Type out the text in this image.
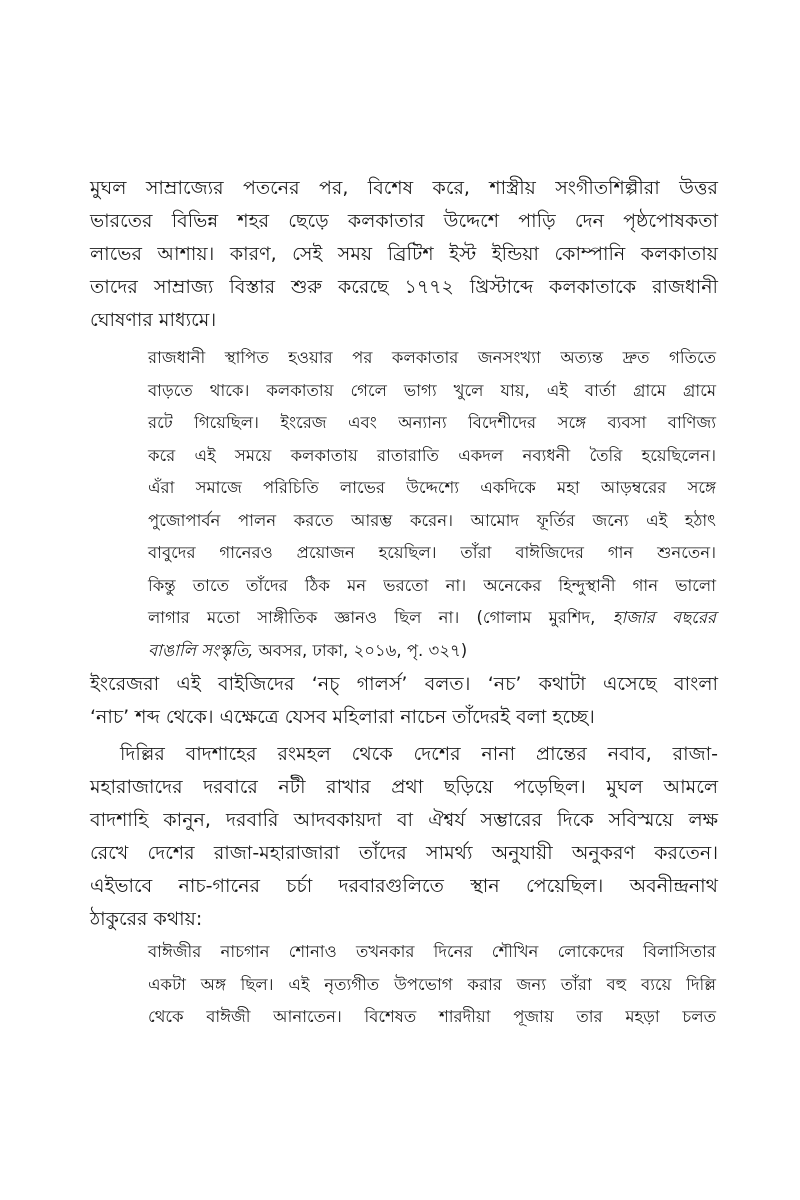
মুঘল সাম্রাজ্যের পতনের পর, বিশেষ করে, শাস্ত্রীয় সংগীতশিল্পীরা উত্তর
ভারতের বিভিন্ন শহর ছেড়ে কলকাতার উদ্দেশে পাড়ি দেন পৃষ্ঠপোষকতা
লাভের আশায়। কারণ, সেই সময় ব্রিটিশ ইস্ট ইন্ডিয়া কোম্পানি কলকাতায়
তাদের সাম্রাজ্য বিস্তার শুরু করেছে ১৭৭২ খ্রিস্টাব্দে কলকাতাকে রাজধানী
ঘোষণার মাধ্যমে।
রাজধানী স্থাপিত হওয়ার পর কলকাতার জনসংখ্যা অত্যন্ত দ্রুত গতিতে
বাড়তে থাকে। কলকাতায় গেলে ভাগ্য খুলে যায়, এই বার্তা গ্রামে গ্রামে
রটে গিয়েছিল। ইংরেজ এবং অন্যান্য বিদেশীদের সঙ্গে ব্যবসা বাণিজ্য
করে এই সময়ে কলকাতায় রাতারাতি একদল নব্যধনী তৈরি হয়েছিলেন।
এঁরা সমাজে পরিচিতি লাভের উদ্দেশ্যে একদিকে মহা আড়ম্বরের সঙ্গে
পুজোপার্বন পালন করতে আরম্ভ করেন। আমোদ ফূর্তির জন্যে এই হঠাৎ
বাবুদের গানেরও প্রয়োজন হয়েছিল। তাঁরা বাঈজিদের গান শুনতেন।
কিন্তু তাতে তাঁদের ঠিক মন ভরতো না। অনেকের হিন্দুস্থানী গান ভালো
লাগার মতো সাঙ্গীতিক জ্ঞানও ছিল না। (গোলাম মুরশিদ, হাজার বছরের
বাঙালি সংস্কৃতি, অবসর, ঢাকা, ২০১৬, পৃ. ৩২৭)
ইংরেজরা এই বাইজিদের ‘নচ্ গালর্স’ বলত। ‘নচ’ কথাটা এসেছে বাংলা
‘নাচ’ শব্দ থেকে। এক্ষেত্রে যেসব মহিলারা নাচেন তাঁদেরই বলা হচ্ছে।
দিল্লির বাদশাহের রংমহল থেকে দেশের নানা প্রান্তের নবাব, রাজা-
মহারাজাদের দরবারে নটী রাখার প্রথা ছড়িয়ে পড়েছিল। মুঘল আমলে
বাদশাহি কানুন, দরবারি আদবকায়দা বা ঐশ্বর্য সম্ভারের দিকে সবিস্ময়ে লক্ষ
রেখে দেশের রাজা-মহারাজারা তাঁদের সামর্থ্য অনুযায়ী অনুকরণ করতেন।
এইভাবে নাচ-গানের চর্চা দরবারগুলিতে স্থান পেয়েছিল। অবনীন্দ্রনাথ
ঠাকুরের কথায়:
বাঈজীর নাচগান শোনাও তখনকার দিনের শৌখিন লোকেদের বিলাসিতার
একটা অঙ্গ ছিল। এই নৃত্যগীত উপভোগ করার জন্য তাঁরা বহু ব্যয়ে দিল্লি
থেকে বাঈজী আনাতেন। বিশেষত শারদীয়া পূজায় তার মহড়া চলত
